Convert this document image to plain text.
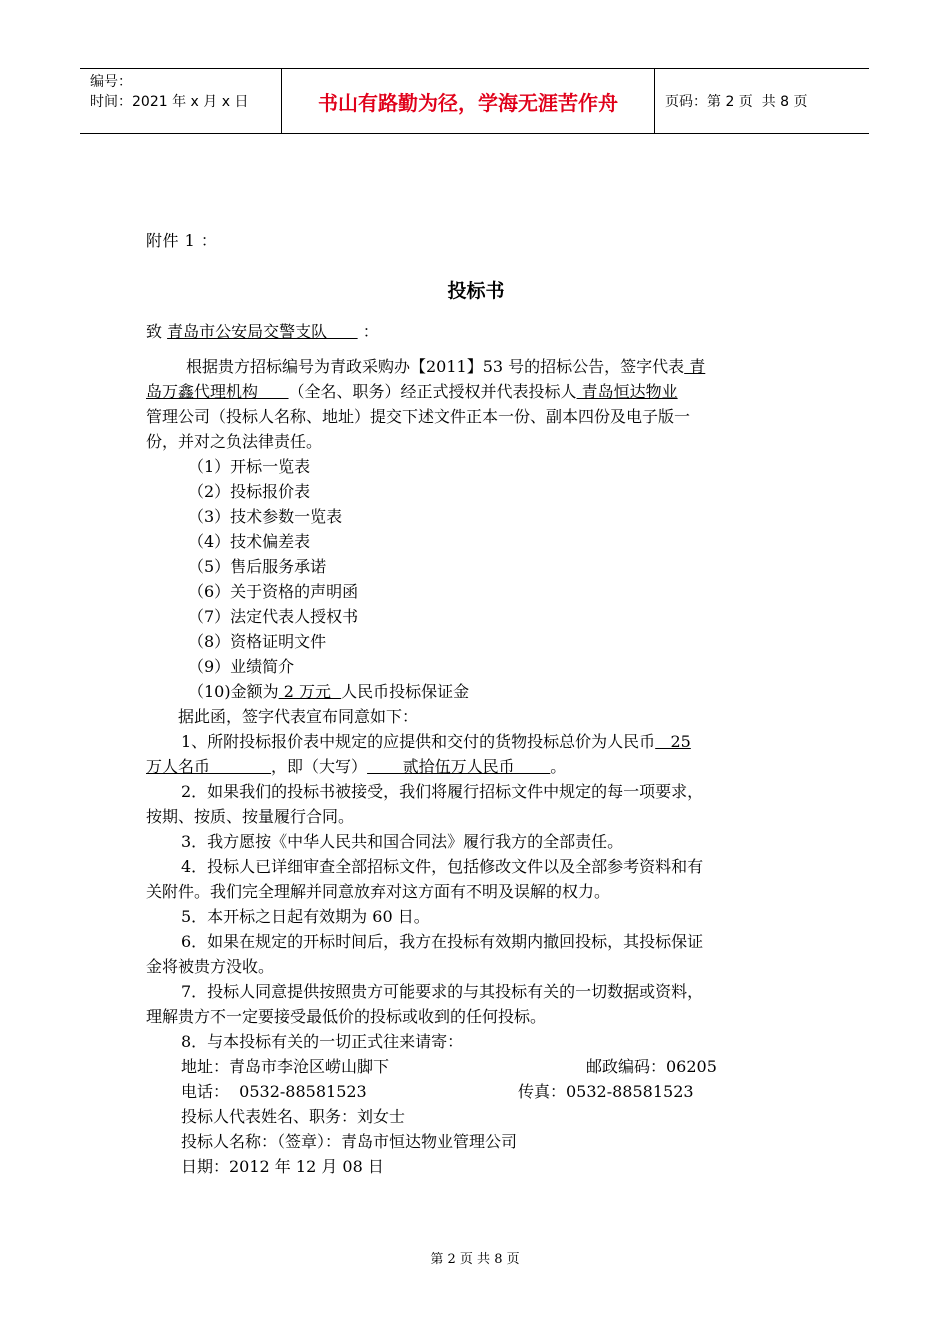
编号：
时间：2021 年 x 月 x 日	书山有路勤为径，学海无涯苦作舟	页码：第 2 页  共 8 页
附件 1 ：
投标书
致 青岛市公安局交警支队       ：
根据贵方招标编号为青政采购办【2011】53 号的招标公告，签字代表 青
岛万鑫代理机构      （全名、职务）经正式授权并代表投标人 青岛恒达物业
管理公司（投标人名称、地址）提交下述文件正本一份、副本四份及电子版一
份，并对之负法律责任。
（1）开标一览表
（2）投标报价表
（3）技术参数一览表
（4）技术偏差表
（5）售后服务承诺
（6）关于资格的声明函
（7）法定代表人授权书
（8）资格证明文件
（9）业绩简介
（10)金额为 2 万元  人民币投标保证金
据此函，签字代表宣布同意如下：
1、所附投标报价表中规定的应提供和交付的货物投标总价为人民币   25
万人名币            ，即（大写）       贰拾伍万人民币       。
2．如果我们的投标书被接受，我们将履行招标文件中规定的每一项要求，
按期、按质、按量履行合同。
3．我方愿按《中华人民共和国合同法》履行我方的全部责任。
4．投标人已详细审查全部招标文件，包括修改文件以及全部参考资料和有
关附件。我们完全理解并同意放弃对这方面有不明及误解的权力。
5．本开标之日起有效期为 60 日。
6．如果在规定的开标时间后，我方在投标有效期内撤回投标，其投标保证
金将被贵方没收。
7．投标人同意提供按照贵方可能要求的与其投标有关的一切数据或资料，
理解贵方不一定要接受最低价的投标或收到的任何投标。
8．与本投标有关的一切正式往来请寄：
地址：青岛市李沧区崂山脚下	邮政编码：06205
电话：  0532-88581523	传真：0532-88581523
投标人代表姓名、职务：刘女士
投标人名称：（签章）：青岛市恒达物业管理公司
日期：2012 年 12 月 08 日
第 2 页 共 8 页
